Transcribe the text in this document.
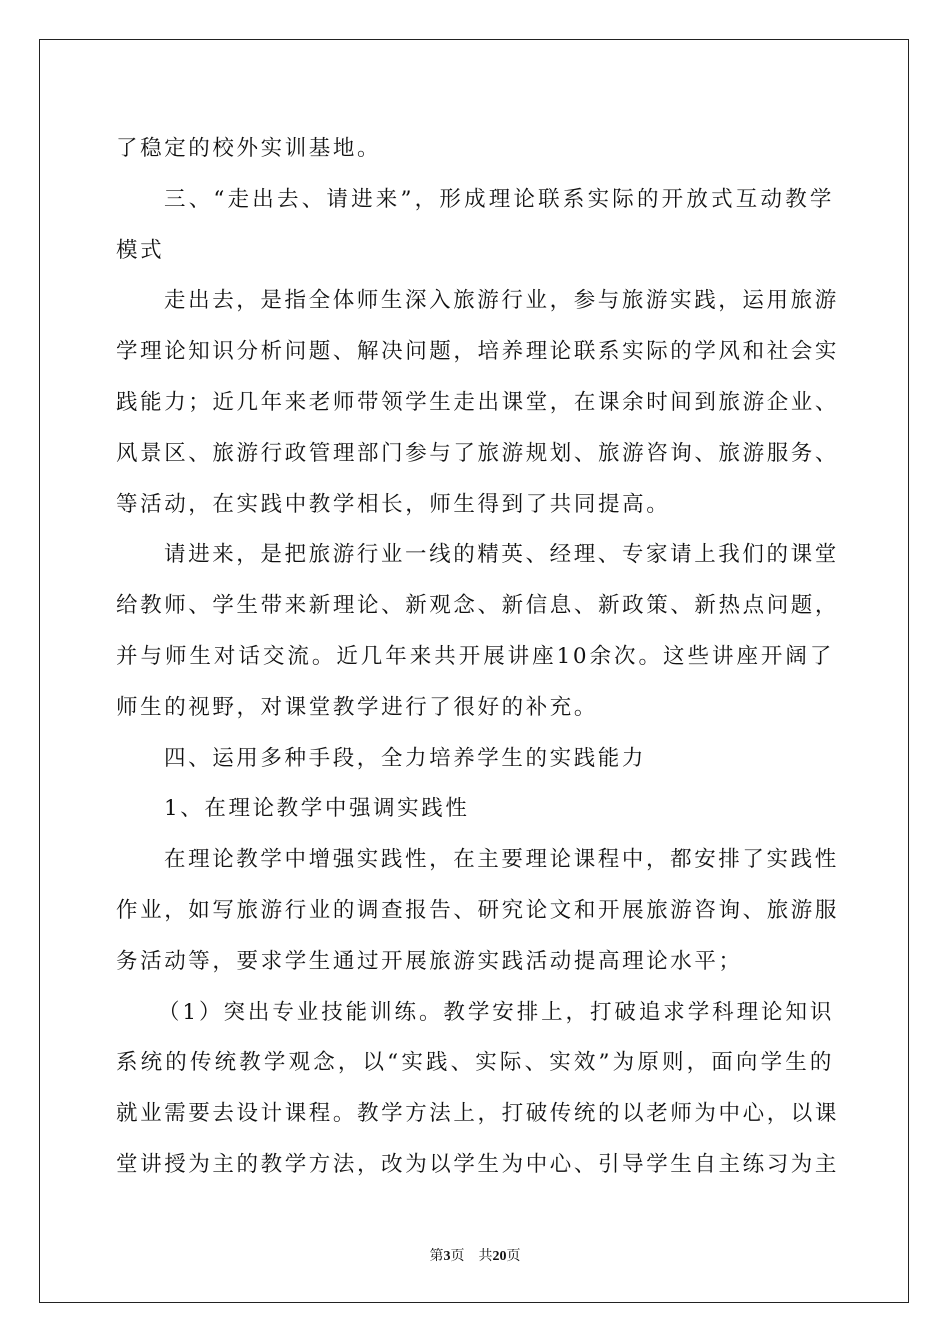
了稳定的校外实训基地。
三、“走出去、请进来”，形成理论联系实际的开放式互动教学
模式
走出去，是指全体师生深入旅游行业，参与旅游实践，运用旅游
学理论知识分析问题、解决问题，培养理论联系实际的学风和社会实
践能力；近几年来老师带领学生走出课堂，在课余时间到旅游企业、
风景区、旅游行政管理部门参与了旅游规划、旅游咨询、旅游服务、
等活动，在实践中教学相长，师生得到了共同提高。
请进来，是把旅游行业一线的精英、经理、专家请上我们的课堂
给教师、学生带来新理论、新观念、新信息、新政策、新热点问题，
并与师生对话交流。近几年来共开展讲座10余次。这些讲座开阔了
师生的视野，对课堂教学进行了很好的补充。
四、运用多种手段，全力培养学生的实践能力
1、在理论教学中强调实践性
在理论教学中增强实践性，在主要理论课程中，都安排了实践性
作业，如写旅游行业的调查报告、研究论文和开展旅游咨询、旅游服
务活动等，要求学生通过开展旅游实践活动提高理论水平；
（1）突出专业技能训练。教学安排上，打破追求学科理论知识
系统的传统教学观念，以“实践、实际、实效”为原则，面向学生的
就业需要去设计课程。教学方法上，打破传统的以老师为中心，以课
堂讲授为主的教学方法，改为以学生为中心、引导学生自主练习为主
第3页 共20页
